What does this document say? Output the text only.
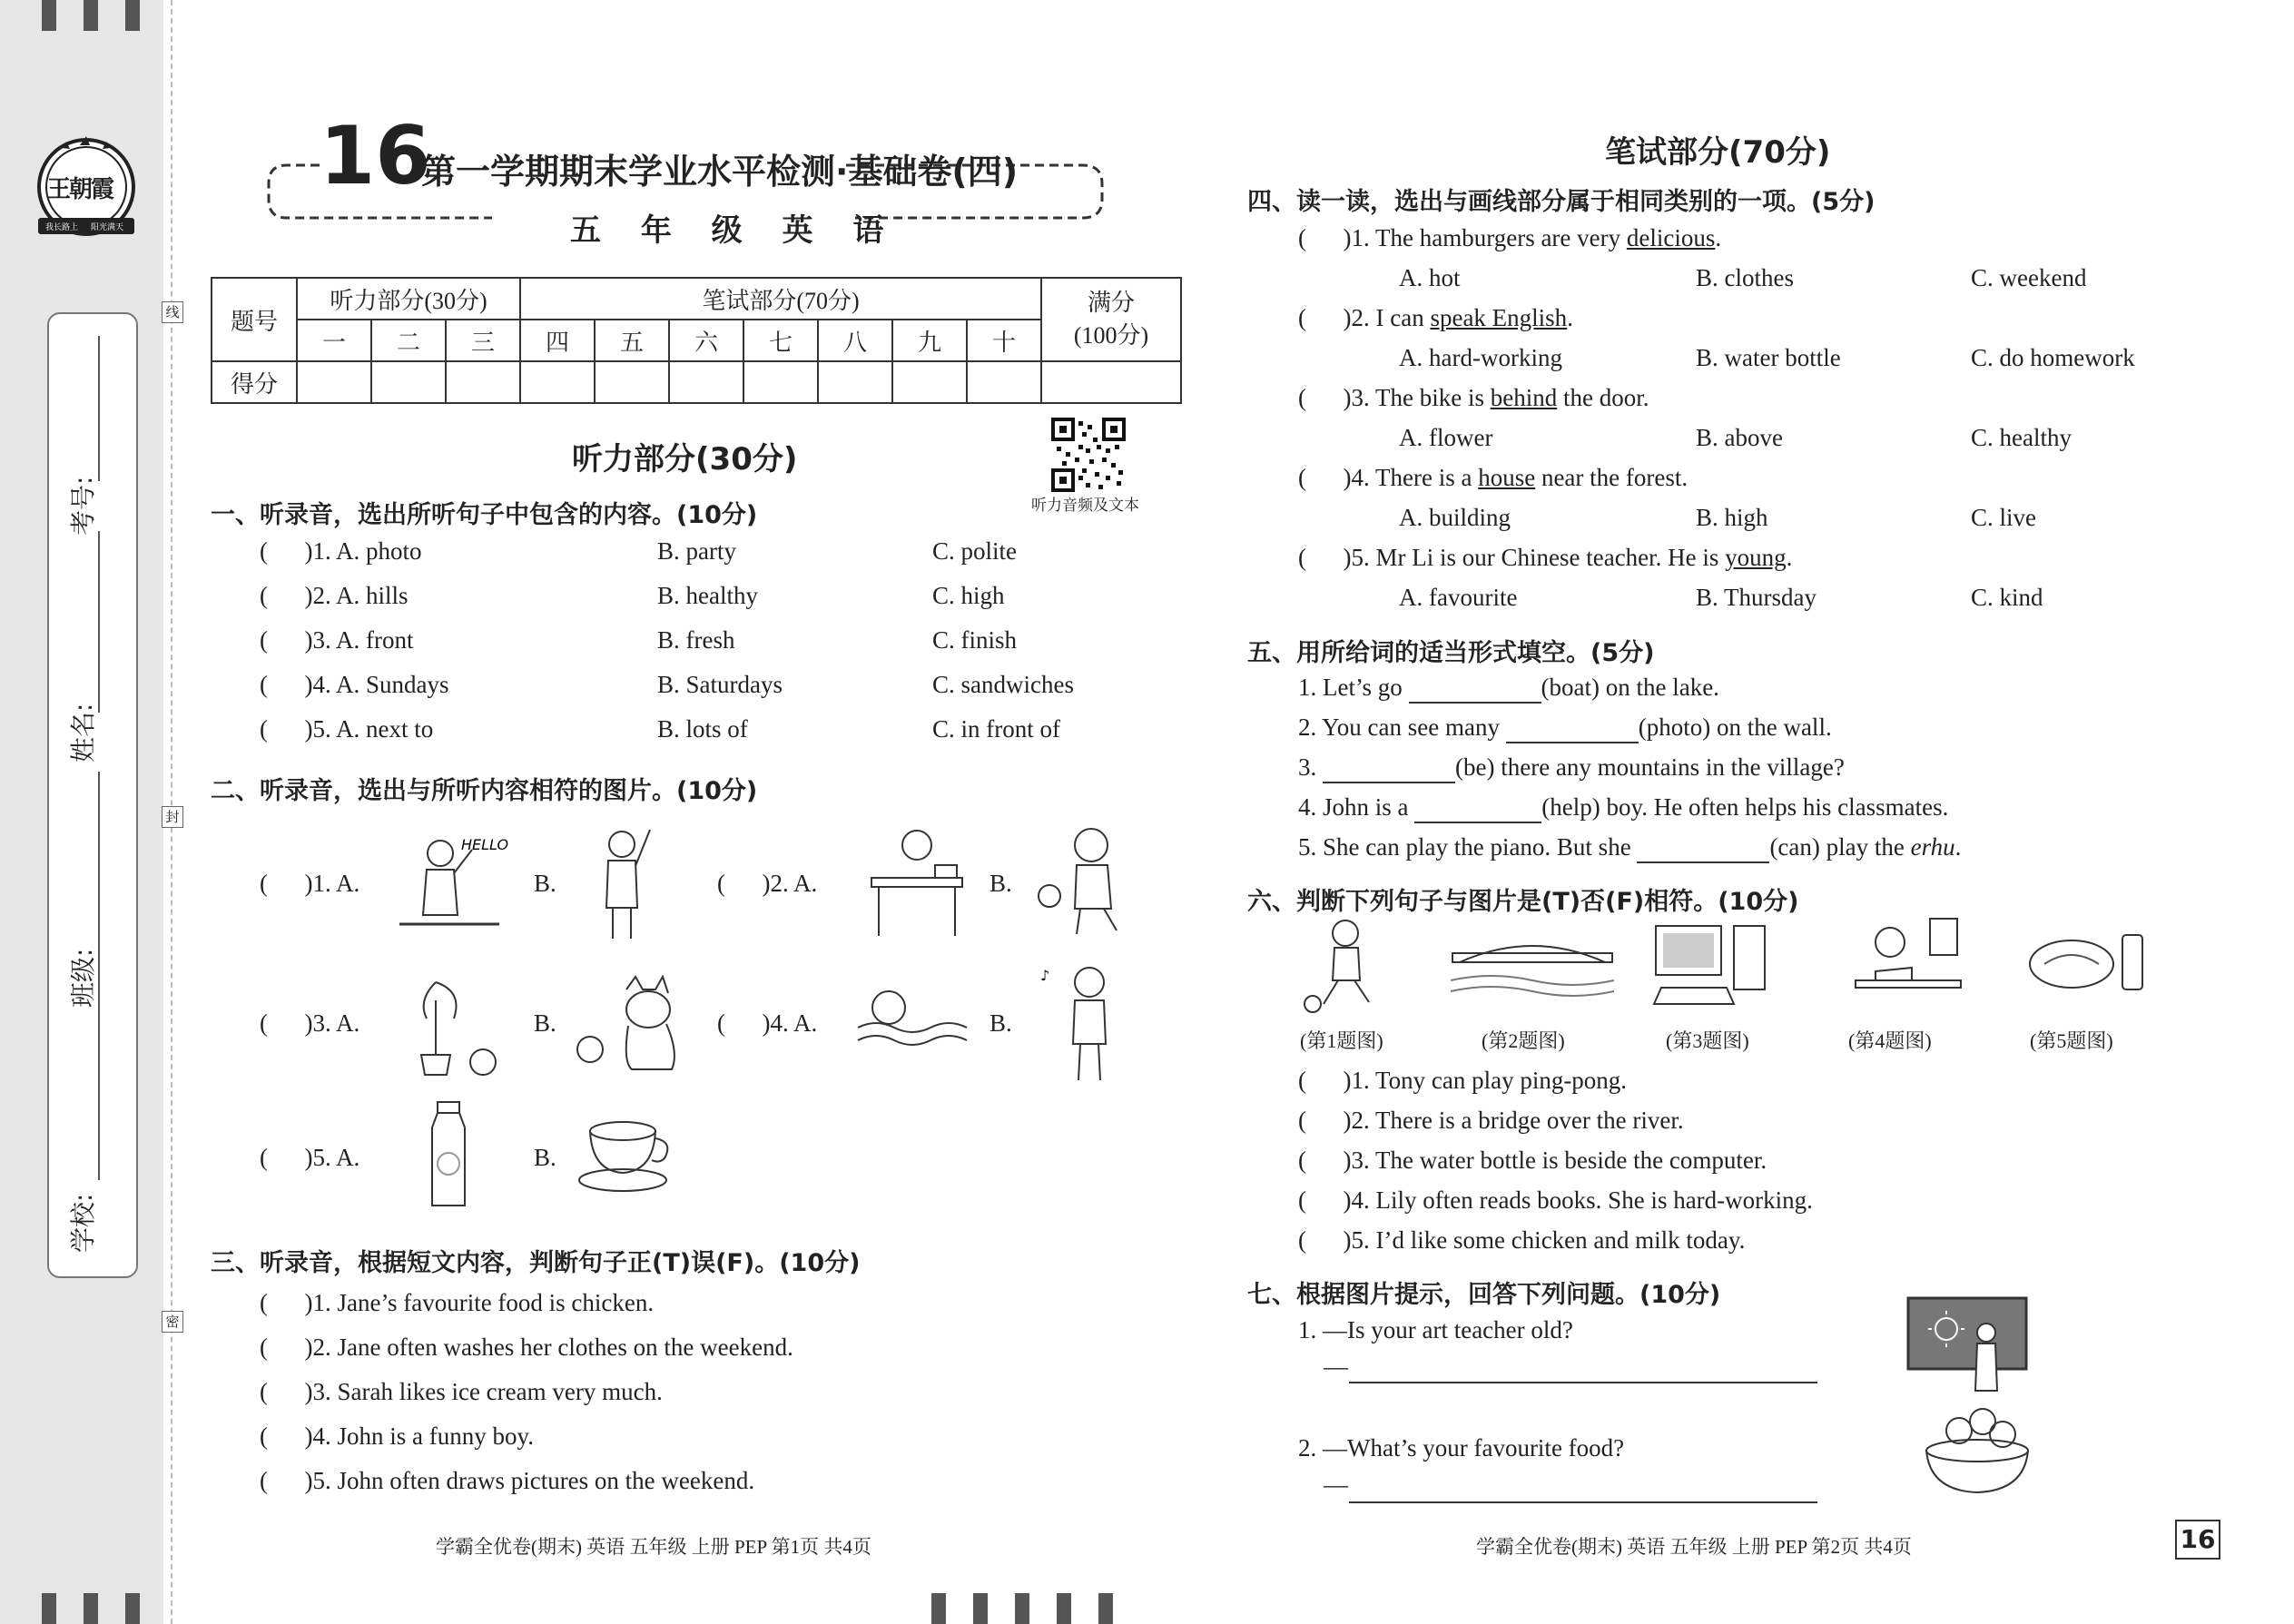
王朝霞
我长路上 阳光满天
学校:
班级:
姓名:
考号:
线
封
密
16
第一学期期末学业水平检测·基础卷(四)
五 年 级 英 语
题号	听力部分(30分)			笔试部分(70分)							满分
(100分)
	一	二	三	四	五	六	七	八	九	十	
得分											
听力部分(30分)
听力音频及文本
一、听录音，选出所听句子中包含的内容。(10分)
(      )1. A. photo	B. party	C. polite
(      )2. A. hills	B. healthy	C. high
(      )3. A. front	B. fresh	C. finish
(      )4. A. Sundays	B. Saturdays	C. sandwiches
(      )5. A. next to	B. lots of	C. in front of
二、听录音，选出与所听内容相符的图片。(10分)
(      )1. A.
HELLO
B.	(      )2. A.	B.
(      )3. A.	B.	(      )4. A.	B.
♪
(      )5. A.	B.
三、听录音，根据短文内容，判断句子正(T)误(F)。(10分)
(      )1. Jane’s favourite food is chicken.
(      )2. Jane often washes her clothes on the weekend.
(      )3. Sarah likes ice cream very much.
(      )4. John is a funny boy.
(      )5. John often draws pictures on the weekend.
学霸全优卷(期末) 英语 五年级 上册 PEP 第1页 共4页
笔试部分(70分)
四、读一读，选出与画线部分属于相同类别的一项。(5分)
(      )1. The hamburgers are very delicious.
A. hot	B. clothes	C. weekend
(      )2. I can speak English.
A. hard-working	B. water bottle	C. do homework
(      )3. The bike is behind the door.
A. flower	B. above	C. healthy
(      )4. There is a house near the forest.
A. building	B. high	C. live
(      )5. Mr Li is our Chinese teacher. He is young.
A. favourite	B. Thursday	C. kind
五、用所给词的适当形式填空。(5分)
1. Let’s go	(boat) on the lake.
2. You can see many	(photo) on the wall.
3.	(be) there any mountains in the village?
4. John is a	(help) boy. He often helps his classmates.
5. She can play the piano. But she	(can) play the erhu.
六、判断下列句子与图片是(T)否(F)相符。(10分)
(第1题图)	(第2题图)	(第3题图)	(第4题图)	(第5题图)
(      )1. Tony can play ping-pong.
(      )2. There is a bridge over the river.
(      )3. The water bottle is beside the computer.
(      )4. Lily often reads books. She is hard-working.
(      )5. I’d like some chicken and milk today.
七、根据图片提示，回答下列问题。(10分)
1. —Is your art teacher old?
—
2. —What’s your favourite food?
—
学霸全优卷(期末) 英语 五年级 上册 PEP 第2页 共4页	16
